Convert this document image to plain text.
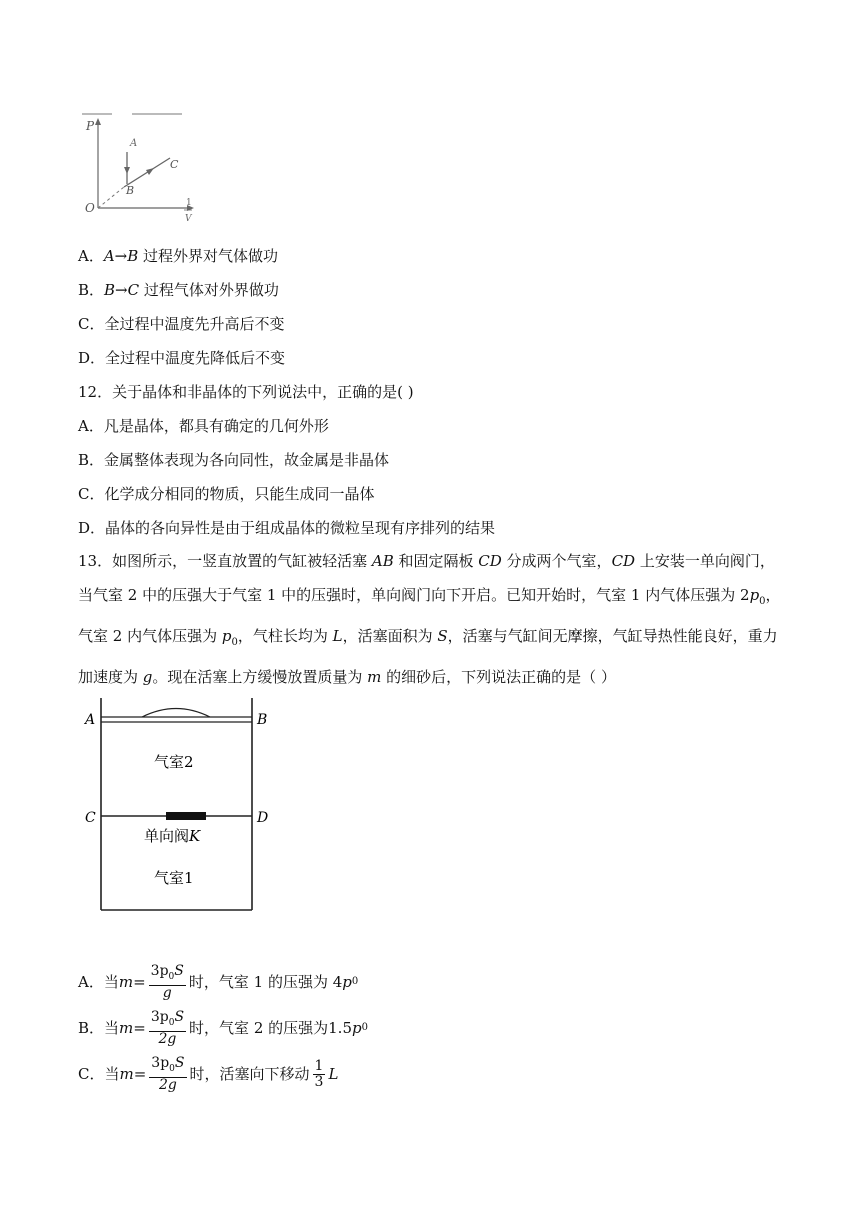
P
O
A
B
C
1
V
A．A→B 过程外界对气体做功
B．B→C 过程气体对外界做功
C．全过程中温度先升高后不变
D．全过程中温度先降低后不变
12．关于晶体和非晶体的下列说法中，正确的是( )
A．凡是晶体，都具有确定的几何外形
B．金属整体表现为各向同性，故金属是非晶体
C．化学成分相同的物质，只能生成同一晶体
D．晶体的各向异性是由于组成晶体的微粒呈现有序排列的结果
13．如图所示，一竖直放置的气缸被轻活塞 AB 和固定隔板 CD 分成两个气室，CD 上安装一单向阀门，当气室 2 中的压强大于气室 1 中的压强时，单向阀门向下开启。已知开始时，气室 1 内气体压强为 $2p_0$，气室 2 内气体压强为 $p_0$，气柱长均为 L，活塞面积为 S，活塞与气缸间无摩擦，气缸导热性能良好，重力加速度为 g。现在活塞上方缓慢放置质量为 m 的细砂后，下列说法正确的是（ ）
A	B
C	D
气室2
单向阀K
气室1
A．当 $m = \frac{3p_0S}{g}$ 时，气室 1 的压强为 4 p 0
B．当 $m = \frac{3p_0S}{2g}$ 时，气室 2 的压强为1.5 p 0
C．当 $m = \frac{3p_0S}{2g}$ 时，活塞向下移动 $\frac{1}{3}$ L
